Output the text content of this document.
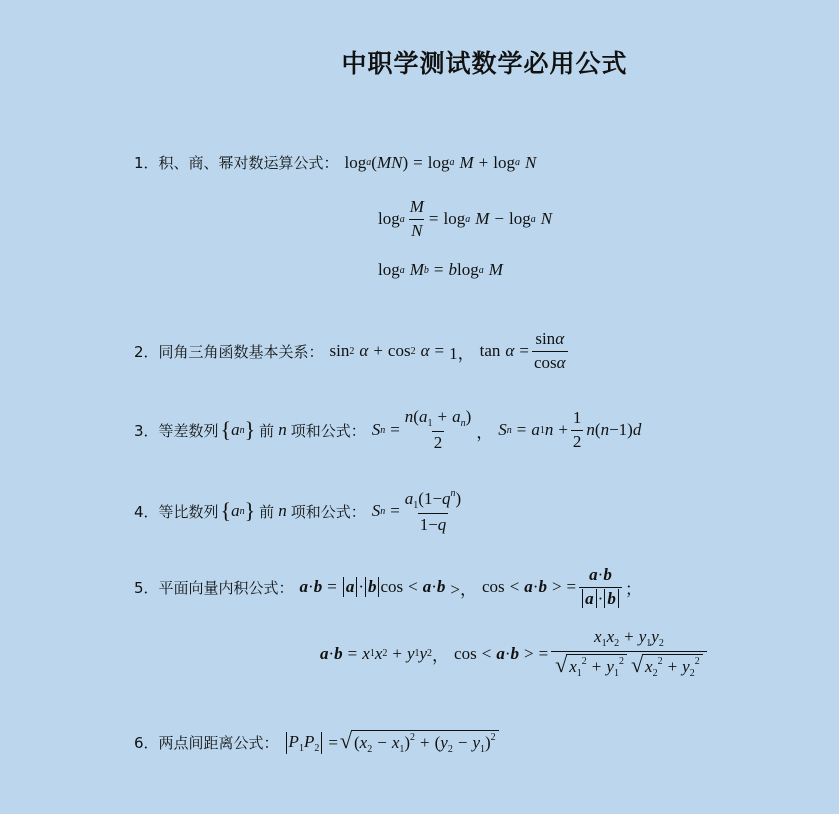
中职学测试数学必用公式
1．积、商、幂对数运算公式： log a ( MN ) = log a M + log a N
log a $\frac{M}{N} = \log a$ M − log a N
log a M b = b log a M
2．同角三角函数基本关系： sin 2 α + cos 2 α = 1， $\tan \alpha = \frac{\sin\alpha}{\cos\alpha}$
3．等差数列 { a n } 前 n 项和公式： S $n = \frac{n(a_1 + a_n)}{2}$ ， S n = a 1 $n + \frac{1}{2}$ n ( n −1) d
4．等比数列 { a n } 前 n 项和公式： S $n = \frac{a_1(1-q^n)}{1-q}$
5．平面向量内积公式： a · b = a · b cos < a · b >， cos < a · b > = $\frac{a\cdot b}{a \cdot b}$ ；
a · b = x 1 x 2 + y 1 y 2 ， cos < a · b > = $\frac{x_1x_2 + y_1y_2}{√ x_1^2 + y_1^2 √ x_2^2 + y_2^2}$
6．两点间距离公式： $P_1P_2$ = √ $(x_2 - x_1)^2 + (y_2 - y_1)^2$
